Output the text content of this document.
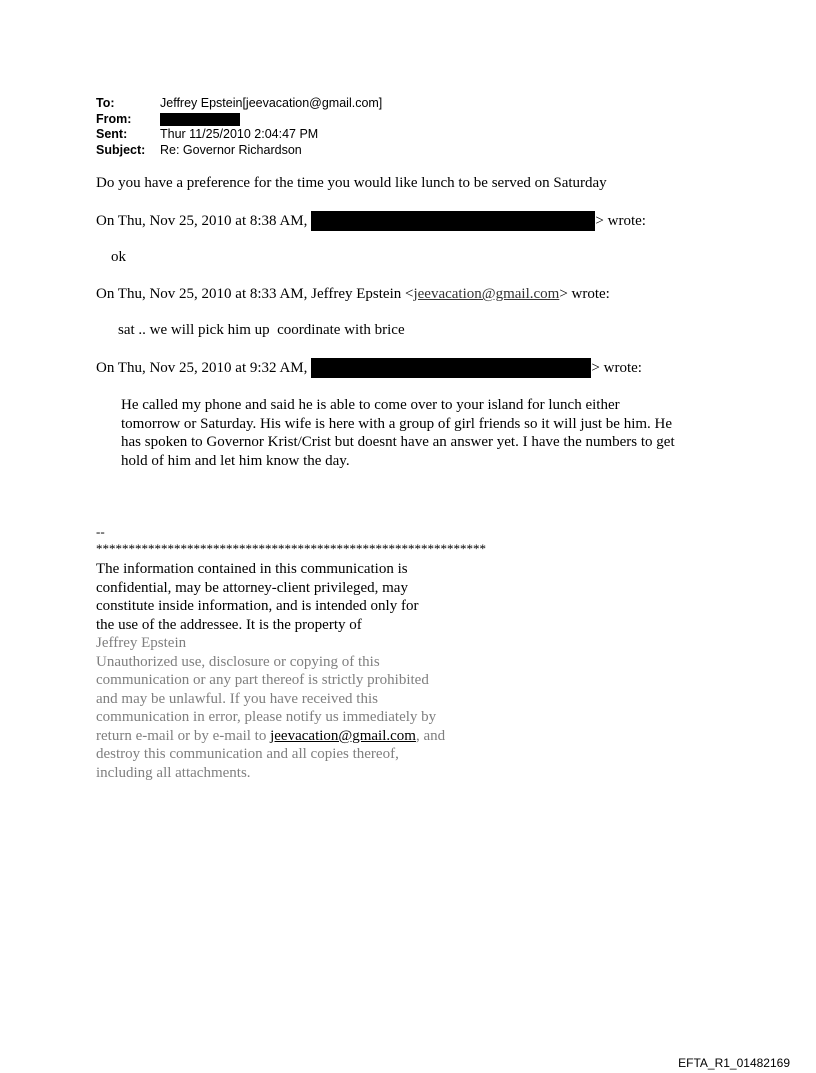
To:	Jeffrey Epstein[jeevacation@gmail.com]
From:
Sent:	Thur 11/25/2010 2:04:47 PM
Subject:	Re: Governor Richardson
Do you have a preference for the time you would like lunch to be served on Saturday
On Thu, Nov 25, 2010 at 8:38 AM,	> wrote:
ok
On Thu, Nov 25, 2010 at 8:33 AM, Jeffrey Epstein <jeevacation@gmail.com> wrote:
sat .. we will pick him up  coordinate with brice
On Thu, Nov 25, 2010 at 9:32 AM,	> wrote:
He called my phone and said he is able to come over to your island for lunch either
tomorrow or Saturday. His wife is here with a group of girl friends so it will just be him. He
has spoken to Governor Krist/Crist but doesnt have an answer yet. I have the numbers to get
hold of him and let him know the day.
--
************************************************************
The information contained in this communication is
confidential, may be attorney-client privileged, may
constitute inside information, and is intended only for
the use of the addressee. It is the property of
Jeffrey Epstein
Unauthorized use, disclosure or copying of this
communication or any part thereof is strictly prohibited
and may be unlawful. If you have received this
communication in error, please notify us immediately by
return e-mail or by e-mail to jeevacation@gmail.com, and
destroy this communication and all copies thereof,
including all attachments.
EFTA_R1_01482169
